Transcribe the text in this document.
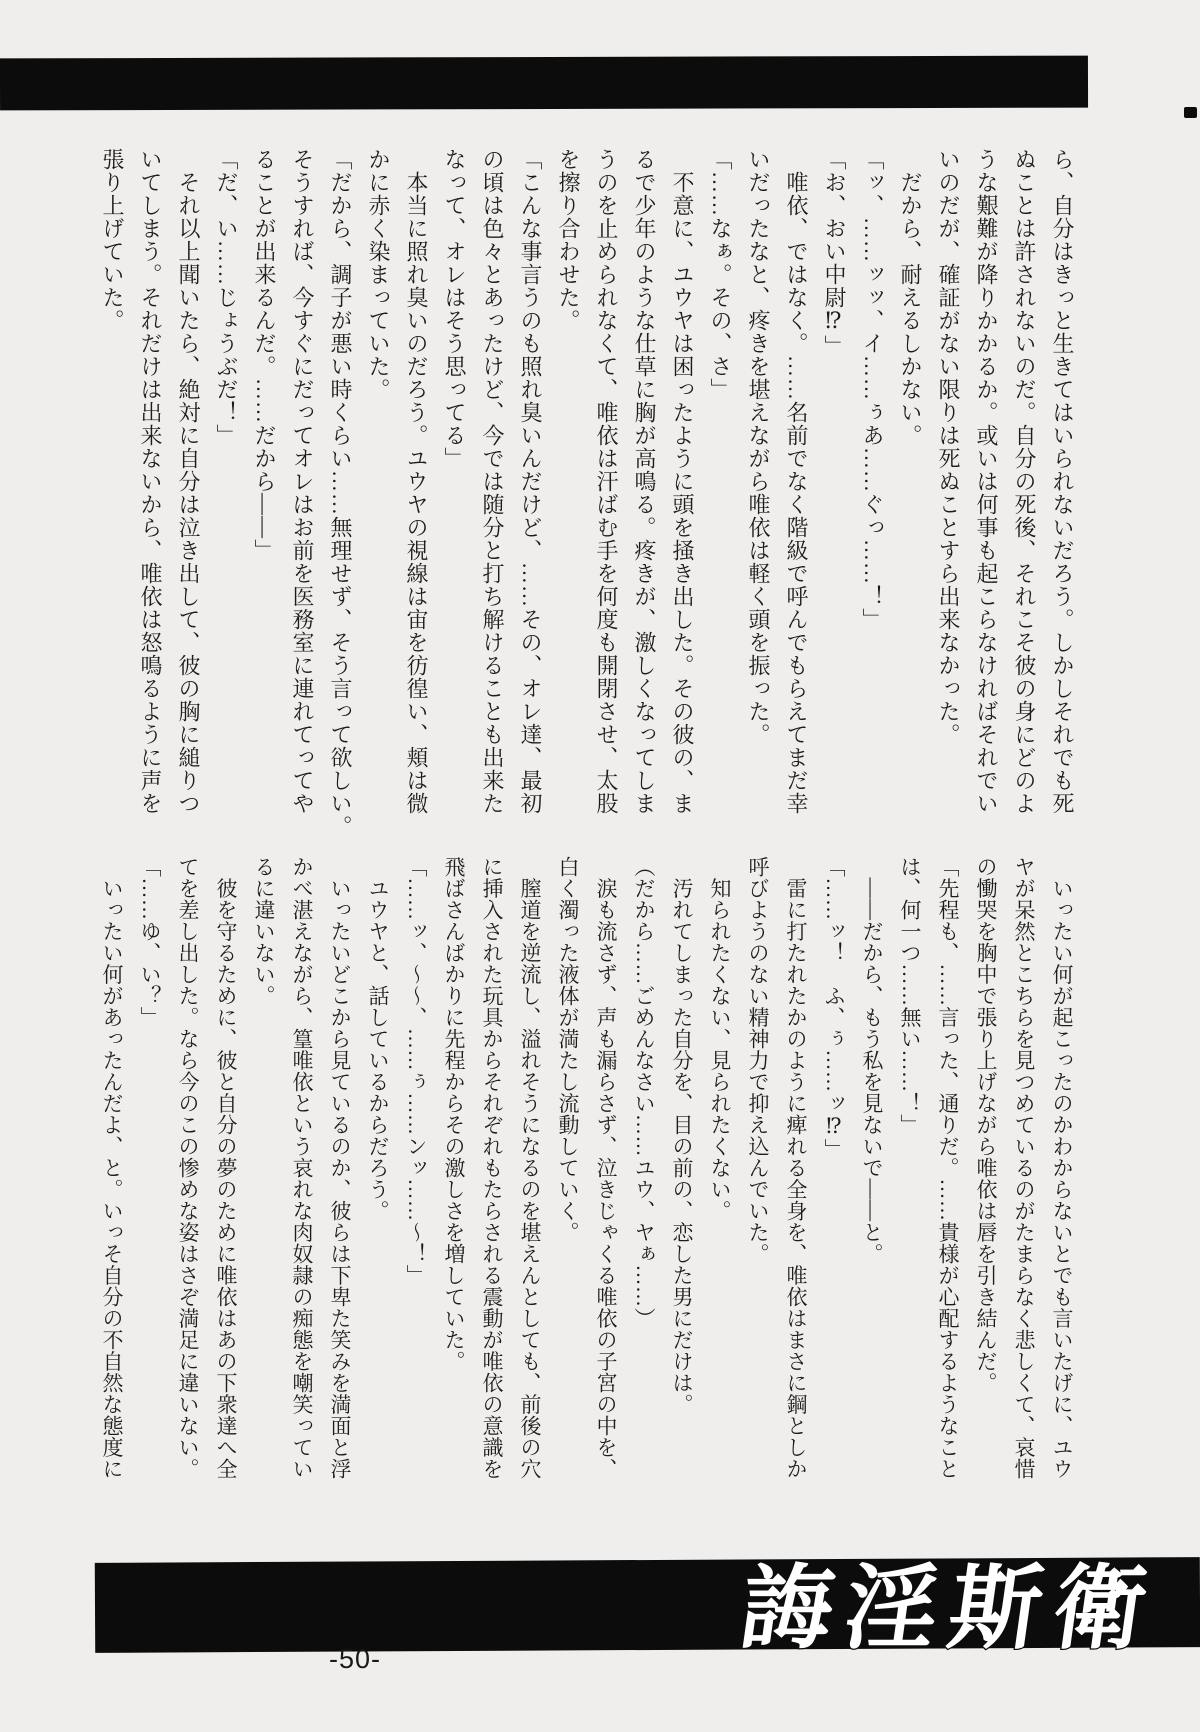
ら、自分はきっと生きてはいられないだろう。しかしそれでも死
ぬことは許されないのだ。自分の死後、それこそ彼の身にどのよ
うな艱難が降りかかるか。或いは何事も起こらなければそれでい
いのだが、確証がない限りは死ぬことすら出来なかった。
　だから、耐えるしかない。
「ッ、……ッッ、イ……ぅあ……ぐっ……！」
「お、おい中尉⁉」
　唯依、ではなく。……名前でなく階級で呼んでもらえてまだ幸
いだったなと、疼きを堪えながら唯依は軽く頭を振った。
「……なぁ。その、さ」
　不意に、ユウヤは困ったように頭を掻き出した。その彼の、ま
るで少年のような仕草に胸が高鳴る。疼きが、激しくなってしま
うのを止められなくて、唯依は汗ばむ手を何度も開閉させ、太股
を擦り合わせた。
「こんな事言うのも照れ臭いんだけど、……その、オレ達、最初
の頃は色々とあったけど、今では随分と打ち解けることも出来た
なって、オレはそう思ってる」
　本当に照れ臭いのだろう。ユウヤの視線は宙を彷徨い、頬は微
かに赤く染まっていた。
「だから、調子が悪い時くらい……無理せず、そう言って欲しい。
そうすれば、今すぐにだってオレはお前を医務室に連れてってや
ることが出来るんだ。……だから——」
「だ、い……じょうぶだ！」
　それ以上聞いたら、絶対に自分は泣き出して、彼の胸に縋りつ
いてしまう。それだけは出来ないから、唯依は怒鳴るように声を
張り上げていた。
　いったい何が起こったのかわからないとでも言いたげに、ユウ
ヤが呆然とこちらを見つめているのがたまらなく悲しくて、哀惜
の慟哭を胸中で張り上げながら唯依は唇を引き結んだ。
「先程も、……言った、通りだ。……貴様が心配するようなこと
は、何一つ……無い……！」
　——だから、もう私を見ないで——と。
「……ッ！　ふ、ぅ……ッ⁉」
　雷に打たれたかのように痺れる全身を、唯依はまさに鋼としか
呼びようのない精神力で抑え込んでいた。
　知られたくない、見られたくない。
　汚れてしまった自分を、目の前の、恋した男にだけは。
（だから……ごめんなさい……ユウ、ヤぁ……）
　涙も流さず、声も漏らさず、泣きじゃくる唯依の子宮の中を、
白く濁った液体が満たし流動していく。
　膣道を逆流し、溢れそうになるのを堪えんとしても、前後の穴
に挿入された玩具からそれぞれもたらされる震動が唯依の意識を
飛ばさんばかりに先程からその激しさを増していた。
「……ッ、～～、……ぅ……ンッ……～！」
　ユウヤと、話しているからだろう。
　いったいどこから見ているのか、彼らは下卑た笑みを満面と浮
かべ湛えながら、篁唯依という哀れな肉奴隷の痴態を嘲笑ってい
るに違いない。
　彼を守るために、彼と自分の夢のために唯依はあの下衆達へ全
てを差し出した。なら今のこの惨めな姿はさぞ満足に違いない。
「……ゆ、い？」
　いったい何があったんだよ、と。いっそ自分の不自然な態度に
誨淫斯衛
-50-
